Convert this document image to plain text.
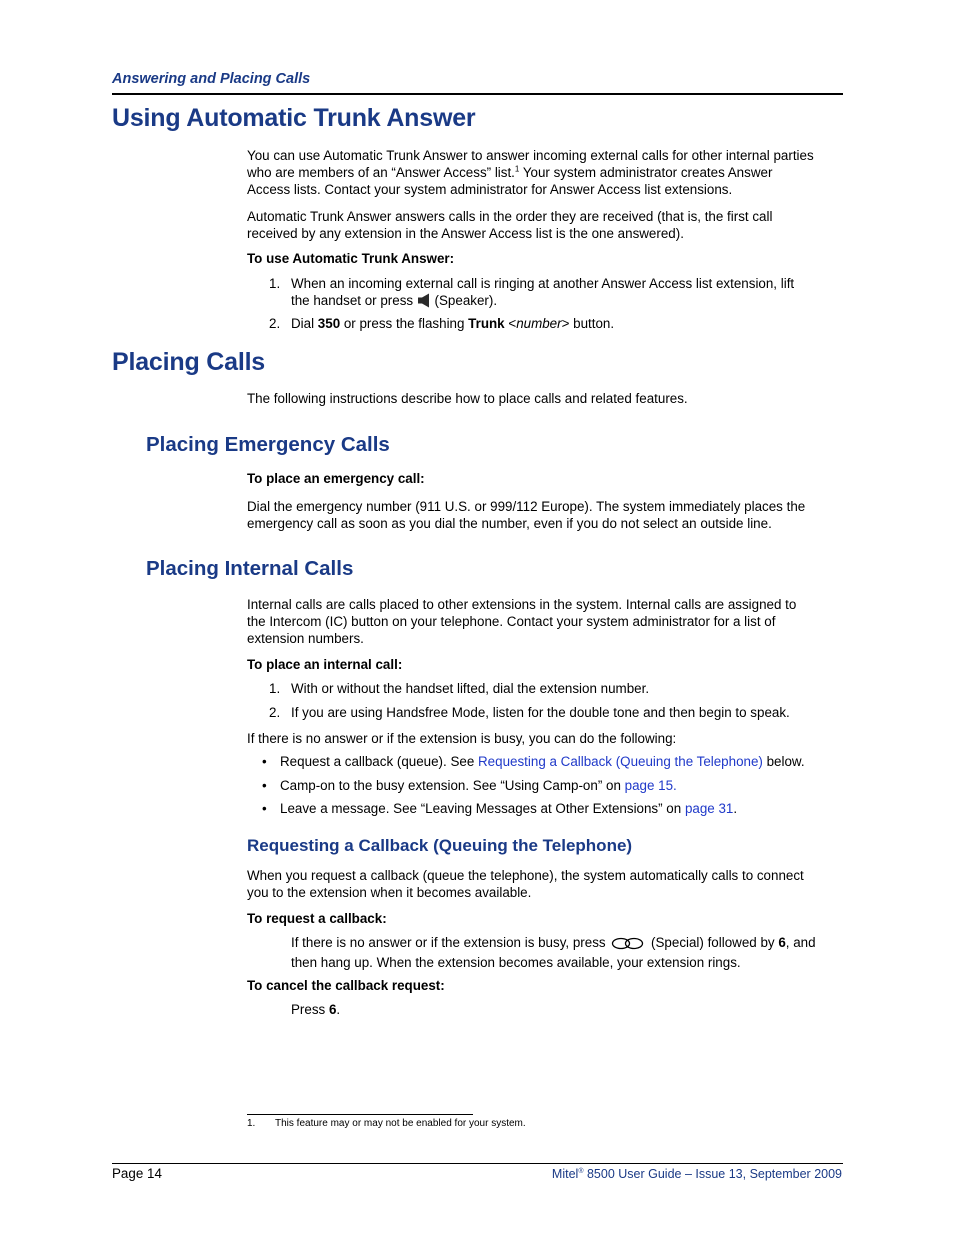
Answering and Placing Calls
Using Automatic Trunk Answer
You can use Automatic Trunk Answer to answer incoming external calls for other internal parties
who are members of an “Answer Access” list.$^1$ Your system administrator creates Answer
Access lists. Contact your system administrator for Answer Access list extensions.
Automatic Trunk Answer answers calls in the order they are received (that is, the first call
received by any extension in the Answer Access list is the one answered).
To use Automatic Trunk Answer:
1. When an incoming external call is ringing at another Answer Access list extension, lift
the handset or press  (Speaker).
2. Dial 350 or press the flashing Trunk <number> button.
Placing Calls
The following instructions describe how to place calls and related features.
Placing Emergency Calls
To place an emergency call:
Dial the emergency number (911 U.S. or 999/112 Europe). The system immediately places the
emergency call as soon as you dial the number, even if you do not select an outside line.
Placing Internal Calls
Internal calls are calls placed to other extensions in the system. Internal calls are assigned to
the Intercom (IC) button on your telephone. Contact your system administrator for a list of
extension numbers.
To place an internal call:
1. With or without the handset lifted, dial the extension number.
2. If you are using Handsfree Mode, listen for the double tone and then begin to speak.
If there is no answer or if the extension is busy, you can do the following:
• Request a callback (queue). See Requesting a Callback (Queuing the Telephone) below.
• Camp-on to the busy extension. See “Using Camp-on” on page 15.
• Leave a message. See “Leaving Messages at Other Extensions” on page 31.
Requesting a Callback (Queuing the Telephone)
When you request a callback (queue the telephone), the system automatically calls to connect
you to the extension when it becomes available.
To request a callback:
If there is no answer or if the extension is busy, press	(Special) followed by 6, and
then hang up. When the extension becomes available, your extension rings.
To cancel the callback request:
Press 6.
1. This feature may or may not be enabled for your system.
Page 14	Mitel® 8500 User Guide – Issue 13, September 2009
